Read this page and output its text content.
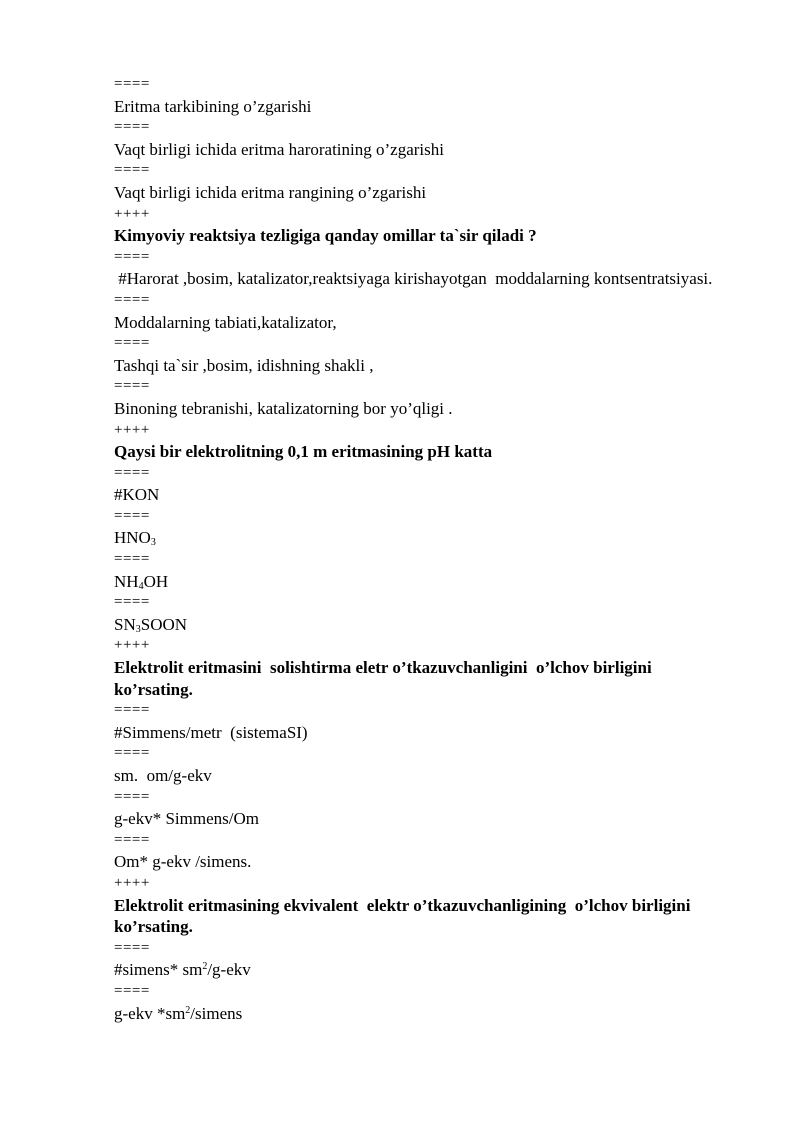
====

Eritma tarkibining o’zgarishi

====

Vaqt birligi ichida eritma haroratining o’zgarishi

====

Vaqt birligi ichida eritma rangining o’zgarishi

++++

Kimyoviy reaktsiya tezligiga qanday omillar ta`sir qiladi ?

====

#Harorat ,bosim, katalizator,reaktsiyaga kirishayotgan  moddalarning kontsentratsiyasi.

====

Moddalarning tabiati,katalizator,

====

Tashqi ta`sir ,bosim, idishning shakli ,

====

Binoning tebranishi, katalizatorning bor yo’qligi .

++++

Qaysi bir elektrolitning 0,1 m eritmasining pH katta

====

#KON

====

$HNO_3$

====

$NH_4OH$

====

$SN_3SOON$

++++

Elektrolit eritmasini  solishtirma eletr o’tkazuvchanligini  o’lchov birligini ko’rsating.

====

#Simmens/metr  (sistemaSI)

====

sm.  om/g-ekv

====

g-ekv* Simmens/Om

====

Om* g-ekv /simens.

++++

Elektrolit eritmasining ekvivalent  elektr o’tkazuvchanligining  o’lchov birligini ko’rsating.

====

#simens* $sm^2/g$-ekv

====

g-ekv $*sm^2$/simens
